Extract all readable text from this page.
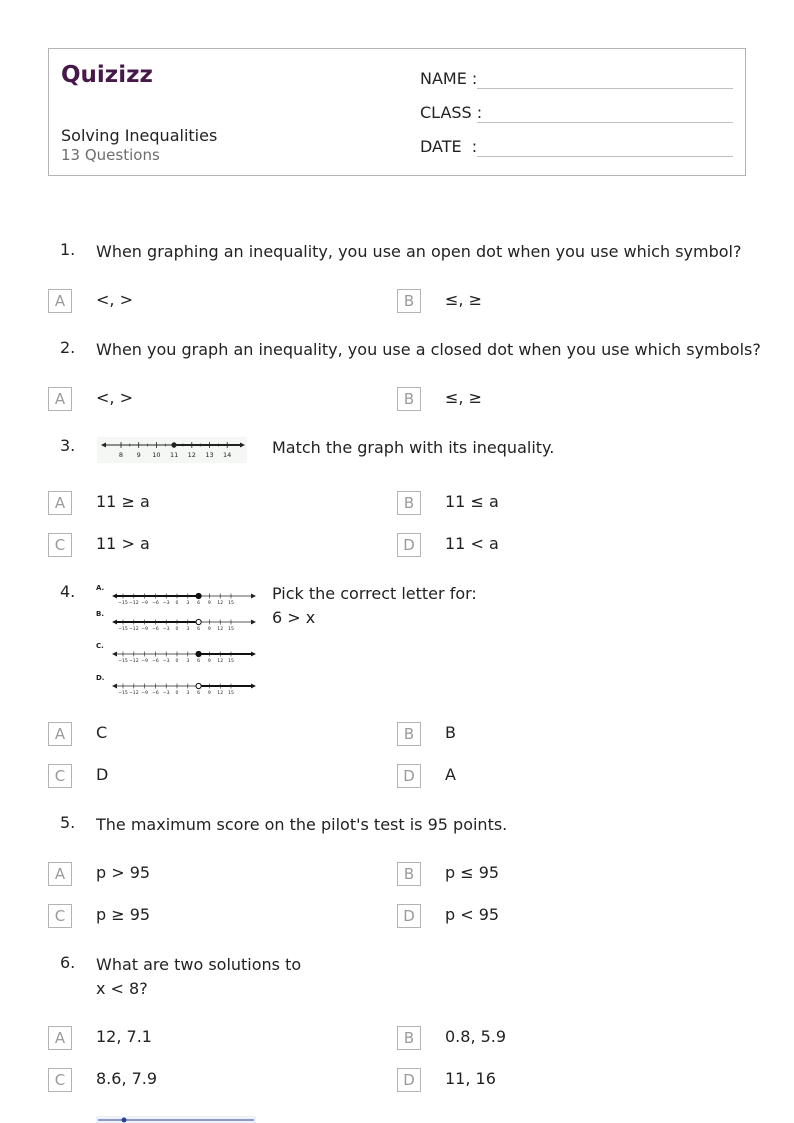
Quizizz
Solving Inequalities
13 Questions
NAME :
CLASS :
DATE  :
1. When graphing an inequality, you use an open dot when you use which symbol?
A	<, >	B	≤, ≥
2. When you graph an inequality, you use a closed dot when you use which symbols?
A	<, >	B	≤, ≥
3.	8 9 10 11 12 13 14	Match the graph with its inequality.
A	11 ≥ a	B	11 ≤ a
C	11 > a	D	11 < a
4.	A.
−15 −12 −9 −6 −3 0 3 6 9 12 15
B.
−15 −12 −9 −6 −3 0 3 6 9 12 15
C.
−15 −12 −9 −6 −3 0 3 6 9 12 15
D.
−15 −12 −9 −6 −3 0 3 6 9 12 15
Pick the correct letter for:
6 > x
A	C	B	B
C	D	D	A
5. The maximum score on the pilot's test is 95 points.
A	p > 95	B	p ≤ 95
C	p ≥ 95	D	p < 95
6. What are two solutions to
x < 8?
A	12, 7.1	B	0.8, 5.9
C	8.6, 7.9	D	11, 16
